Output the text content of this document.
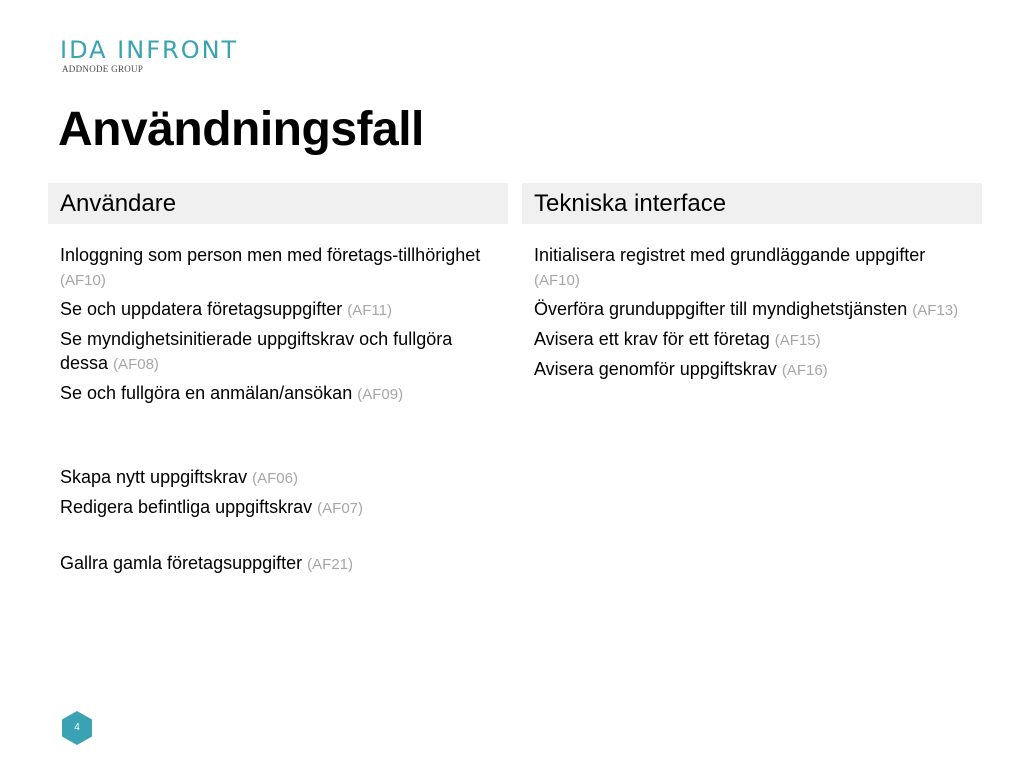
IDA INFRONT
ADDNODE GROUP
Användningsfall
Användare	Tekniska interface
Inloggning som person men med företags-tillhörighet (AF10)
Se och uppdatera företagsuppgifter (AF11)
Se myndighetsinitierade uppgiftskrav och fullgöra dessa (AF08)
Se och fullgöra en anmälan/ansökan (AF09)
Skapa nytt uppgiftskrav (AF06)
Redigera befintliga uppgiftskrav (AF07)
Gallra gamla företagsuppgifter (AF21)
Initialisera registret med grundläggande uppgifter (AF10)
Överföra grunduppgifter till myndighetstjänsten (AF13)
Avisera ett krav för ett företag (AF15)
Avisera genomför uppgiftskrav (AF16)
4
